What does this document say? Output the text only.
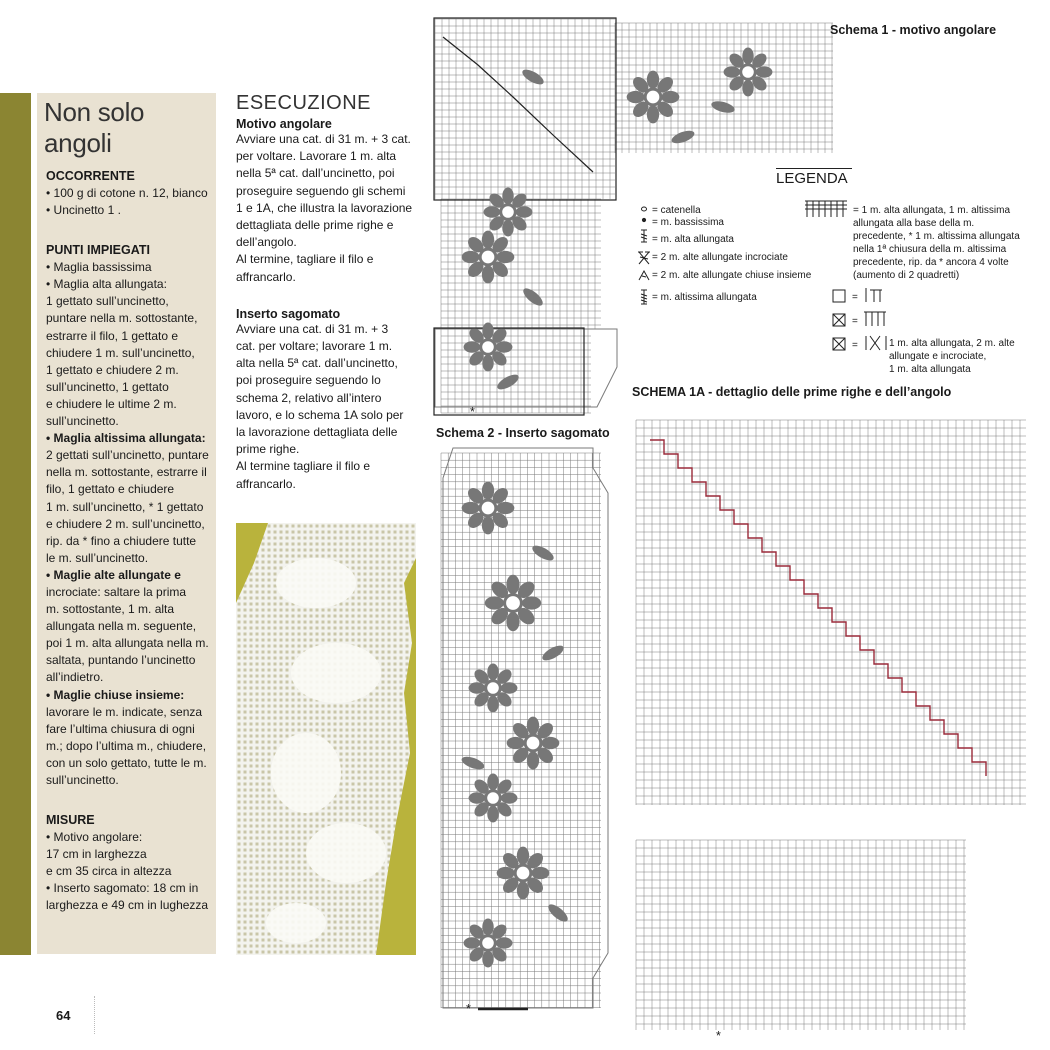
Non solo angoli
OCCORRENTE
• 100 g di cotone n. 12, bianco
• Uncinetto 1 .
PUNTI IMPIEGATI
• Maglia bassissima
• Maglia alta allungata:
1 gettato sull’uncinetto,
puntare nella m. sottostante,
estrarre il filo, 1 gettato e
chiudere 1 m. sull’uncinetto,
1 gettato e chiudere 2 m.
sull’uncinetto, 1 gettato
e chiudere le ultime 2 m.
sull’uncinetto.
• Maglia altissima allungata:
2 gettati sull’uncinetto, puntare
nella m. sottostante, estrarre il
filo, 1 gettato e chiudere
1 m. sull’uncinetto, * 1 gettato
e chiudere 2 m. sull’uncinetto,
rip. da * fino a chiudere tutte
le m. sull’uncinetto.
• Maglie alte allungate e
incrociate: saltare la prima
m. sottostante, 1 m. alta
allungata nella m. seguente,
poi 1 m. alta allungata nella m.
saltata, puntando l’uncinetto
all’indietro.
• Maglie chiuse insieme:
lavorare le m. indicate, senza
fare l’ultima chiusura di ogni
m.; dopo l’ultima m., chiudere,
con un solo gettato, tutte le m.
sull’uncinetto.
MISURE
• Motivo angolare:
17 cm in larghezza
e cm 35 circa in altezza
• Inserto sagomato: 18 cm in
larghezza e 49 cm in lughezza
ESECUZIONE
Motivo angolare
Avviare una cat. di 31 m. + 3 cat.
per voltare. Lavorare 1 m. alta
nella 5ª cat. dall’uncinetto, poi
proseguire seguendo gli schemi
1 e 1A, che illustra la lavorazione
dettagliata delle prime righe e
dell’angolo.
Al termine, tagliare il filo e
affrancarlo.
Inserto sagomato
Avviare una cat. di 31 m. + 3
cat. per voltare; lavorare 1 m.
alta nella 5ª cat. dall’uncinetto,
poi proseguire seguendo lo
schema 2, relativo all’intero
lavoro, e lo schema 1A solo per
la lavorazione dettagliata delle
prime righe.
Al termine tagliare il filo e
affrancarlo.
Schema 1 - motivo angolare
Schema 2 - Inserto sagomato
SCHEMA 1A - dettaglio delle prime righe e dell’angolo
LEGENDA
= catenella
= m. bassissima
= m. alta allungata
= 2 m. alte allungate incrociate
= 2 m. alte allungate chiuse insieme
= m. altissima allungata
= 1 m. alta allungata, 1 m. altissima
allungata alla base della m.
precedente, * 1 m. altissima allungata
nella 1ª chiusura della m. altissima
precedente, rip. da * ancora 4 volte
(aumento di 2 quadretti)
=
=
=	1 m. alta allungata, 2 m. alte
allungate e incrociate,
1 m. alta allungata
*
*
*
64
